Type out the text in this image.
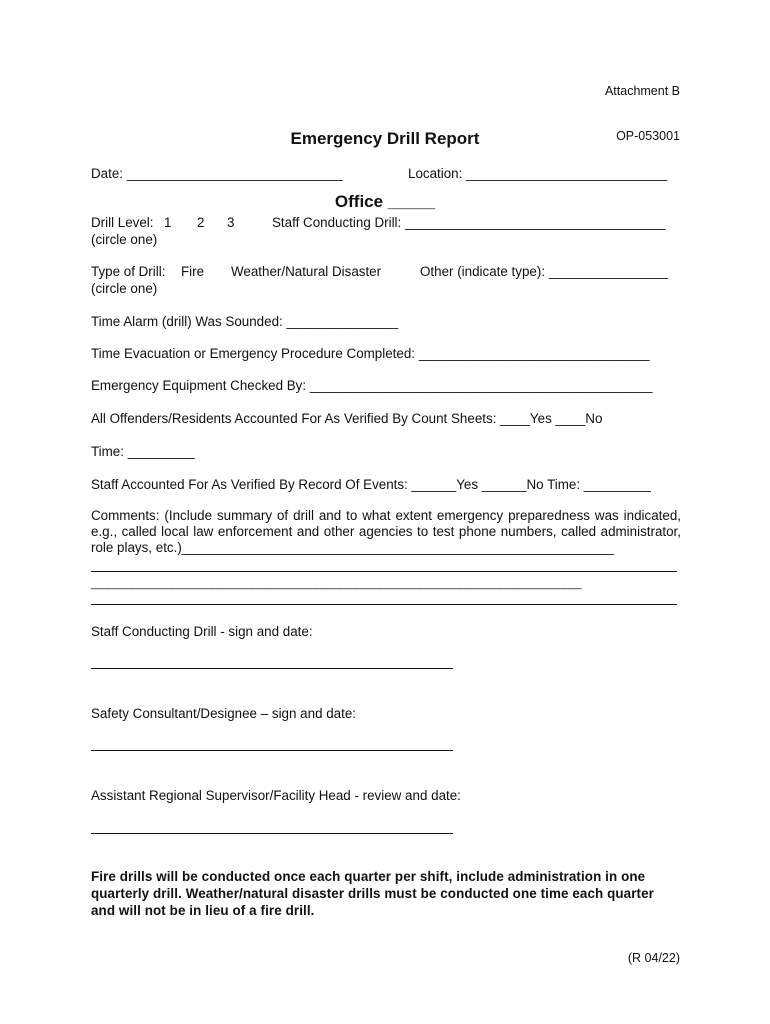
Attachment B

OP-053001

Emergency Drill Report

Office _____

Date: _____________________________	Location: ___________________________
Drill Level: 1 2 3	Staff Conducting Drill: ___________________________________
(circle one)
Type of Drill: Fire Weather/Natural Disaster	Other (indicate type): ________________
(circle one)
Time Alarm (drill) Was Sounded: _______________
Time Evacuation or Emergency Procedure Completed: _______________________________
Emergency Equipment Checked By: ______________________________________________
All Offenders/Residents Accounted For As Verified By Count Sheets: ____Yes ____No
Time: _________
Staff Accounted For As Verified By Record Of Events: ______Yes ______No Time: _________

Comments: (Include summary of drill and to what extent emergency preparedness was indicated, e.g., called local law enforcement and other agencies to test phone numbers, called administrator, role plays, etc.)__________________________________________________________

_____________________________________________________________________________________
Staff Conducting Drill - sign and date:
Safety Consultant/Designee – sign and date:
Assistant Regional Supervisor/Facility Head - review and date:
Fire drills will be conducted once each quarter per shift, include administration in one quarterly drill. Weather/natural disaster drills must be conducted one time each quarter and will not be in lieu of a fire drill.
(R 04/22)
